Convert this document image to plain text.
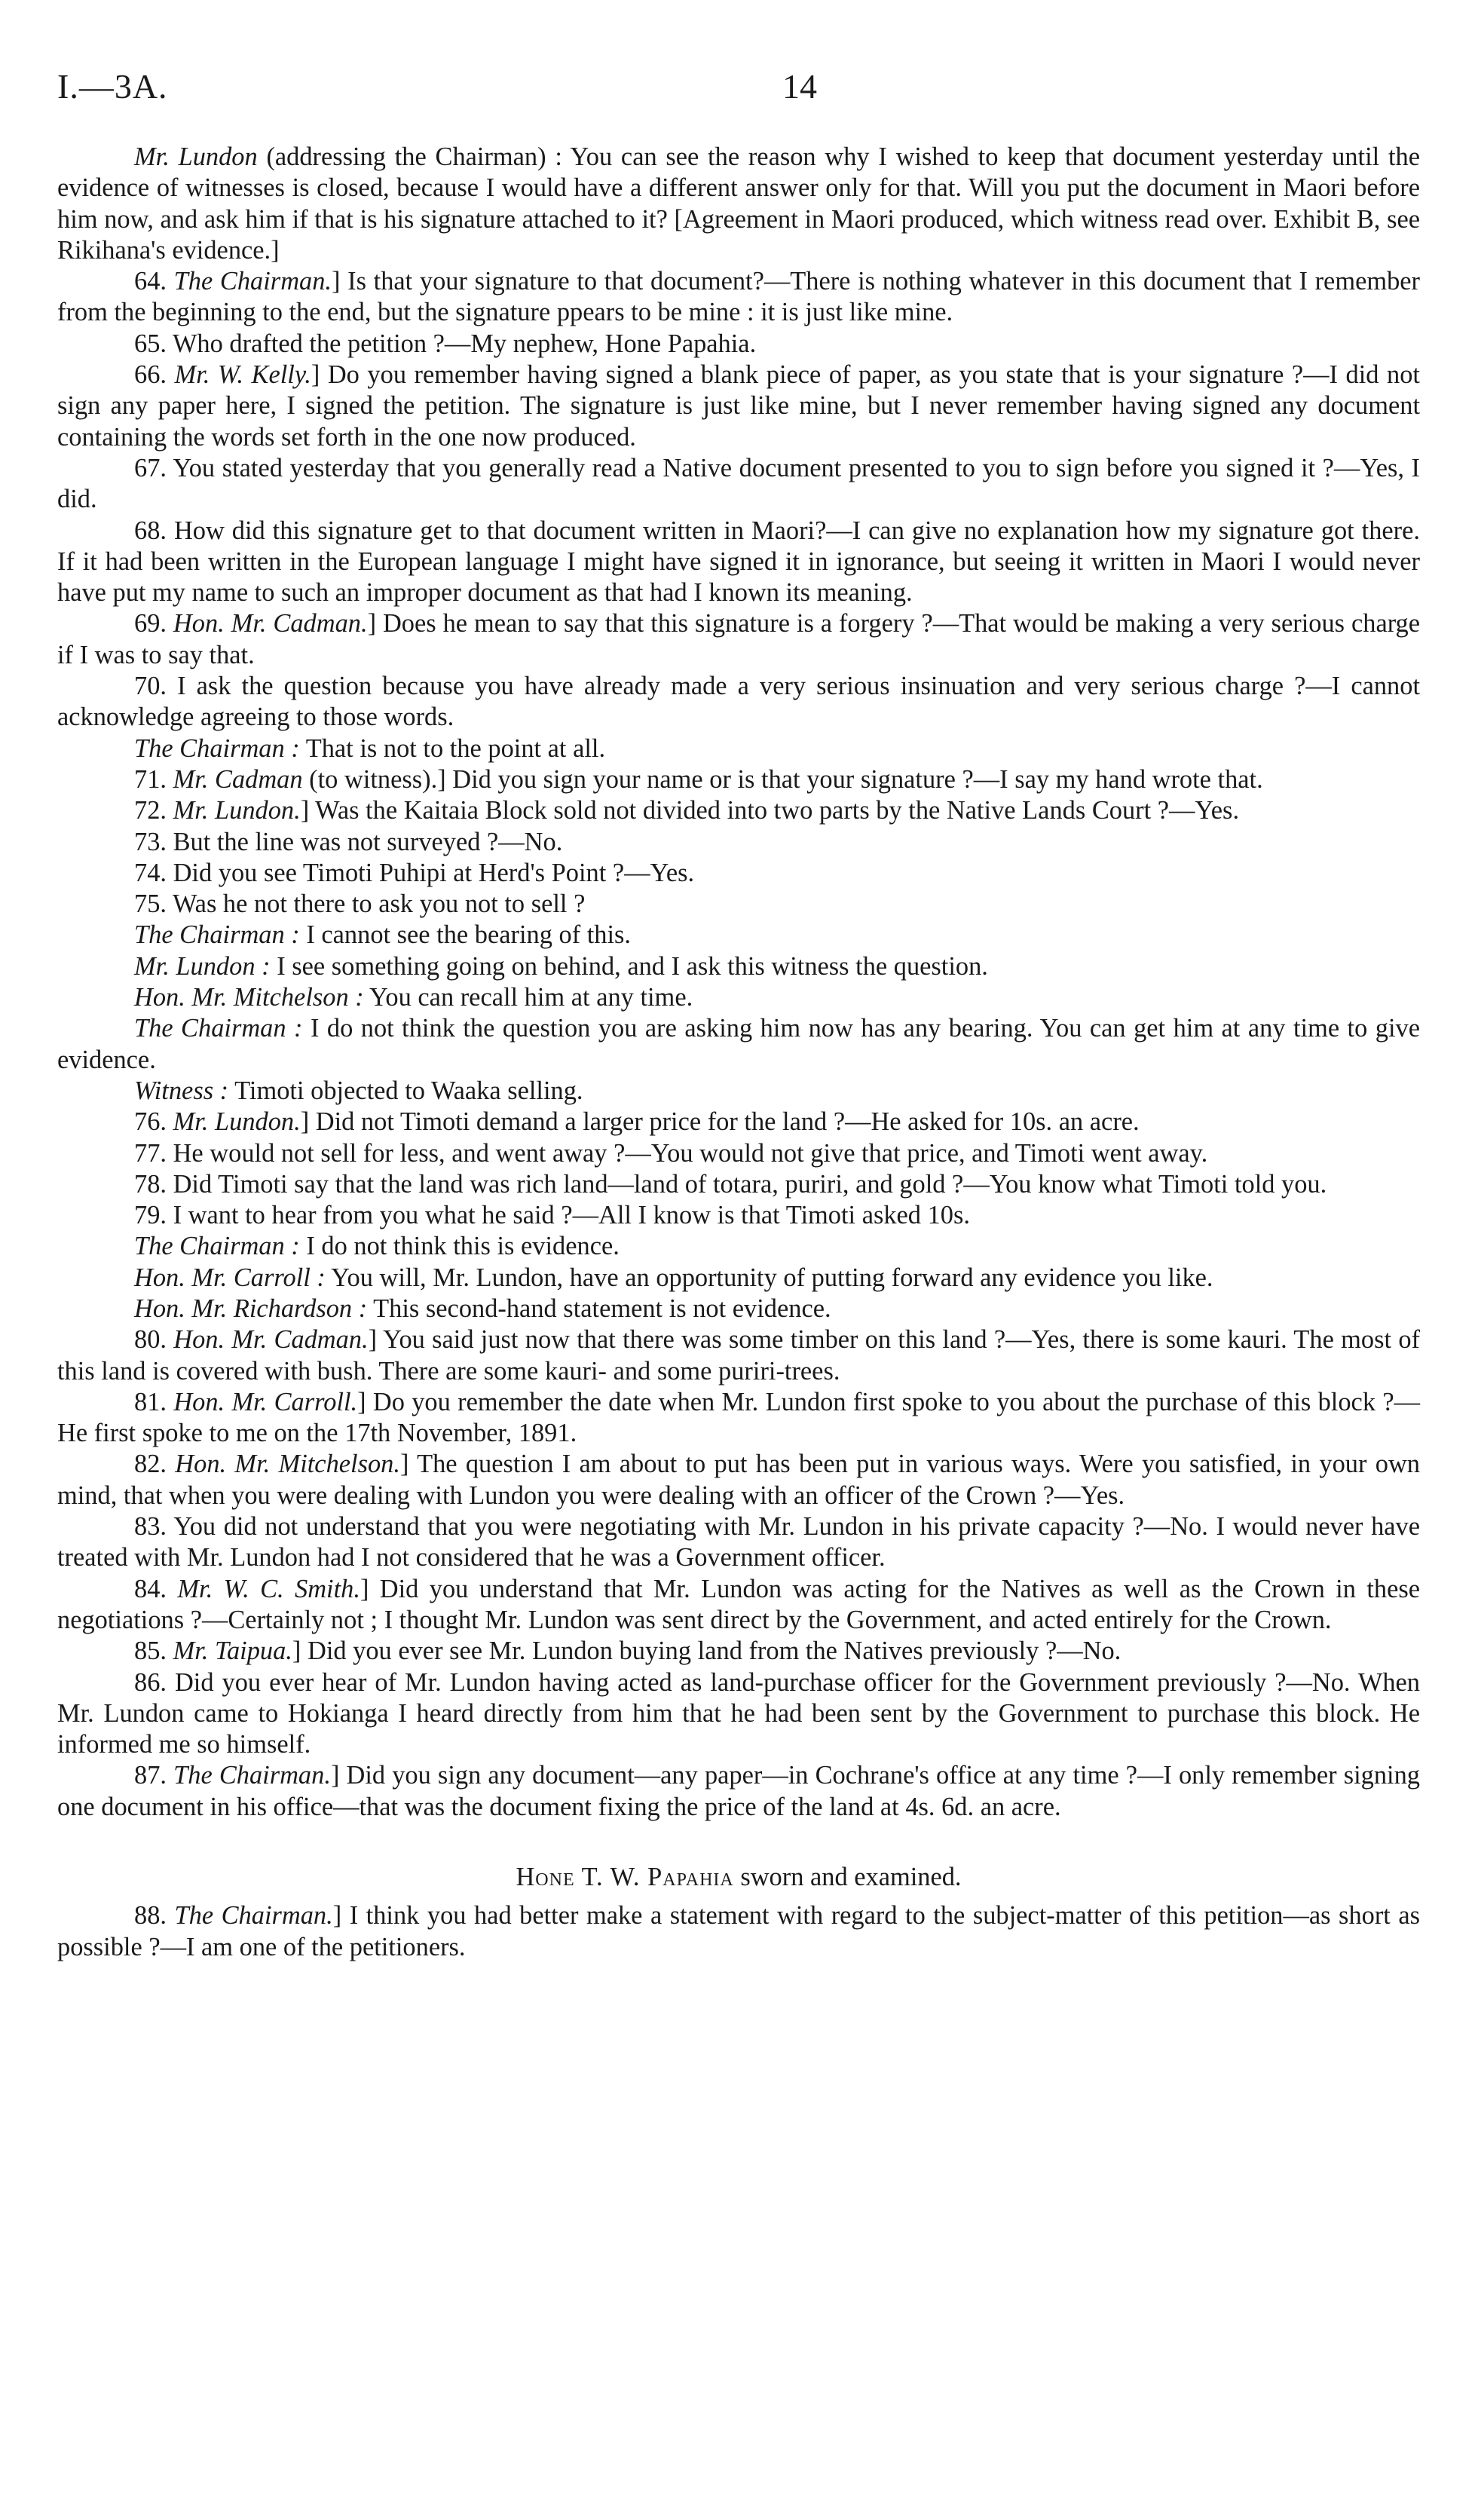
I.—3A.	14

Mr. Lundon (addressing the Chairman) : You can see the reason why I wished to keep that document yesterday until the evidence of witnesses is closed, because I would have a different answer only for that. Will you put the document in Maori before him now, and ask him if that is his signature attached to it? [Agreement in Maori produced, which witness read over. Exhibit B, see Rikihana's evidence.]

64. The Chairman.] Is that your signature to that document?—There is nothing whatever in this document that I remember from the beginning to the end, but the signature ppears to be mine : it is just like mine.

65. Who drafted the petition ?—My nephew, Hone Papahia.

66. Mr. W. Kelly.] Do you remember having signed a blank piece of paper, as you state that is your signature ?—I did not sign any paper here, I signed the petition. The signature is just like mine, but I never remember having signed any document containing the words set forth in the one now produced.

67. You stated yesterday that you generally read a Native document presented to you to sign before you signed it ?—Yes, I did.

68. How did this signature get to that document written in Maori?—I can give no explanation how my signature got there. If it had been written in the European language I might have signed it in ignorance, but seeing it written in Maori I would never have put my name to such an improper document as that had I known its meaning.

69. Hon. Mr. Cadman.] Does he mean to say that this signature is a forgery ?—That would be making a very serious charge if I was to say that.

70. I ask the question because you have already made a very serious insinuation and very serious charge ?—I cannot acknowledge agreeing to those words.

The Chairman : That is not to the point at all.

71. Mr. Cadman (to witness).] Did you sign your name or is that your signature ?—I say my hand wrote that.

72. Mr. Lundon.] Was the Kaitaia Block sold not divided into two parts by the Native Lands Court ?—Yes.

73. But the line was not surveyed ?—No.

74. Did you see Timoti Puhipi at Herd's Point ?—Yes.

75. Was he not there to ask you not to sell ?

The Chairman : I cannot see the bearing of this.

Mr. Lundon : I see something going on behind, and I ask this witness the question.

Hon. Mr. Mitchelson : You can recall him at any time.

The Chairman : I do not think the question you are asking him now has any bearing. You can get him at any time to give evidence.

Witness : Timoti objected to Waaka selling.

76. Mr. Lundon.] Did not Timoti demand a larger price for the land ?—He asked for 10s. an acre.

77. He would not sell for less, and went away ?—You would not give that price, and Timoti went away.

78. Did Timoti say that the land was rich land—land of totara, puriri, and gold ?—You know what Timoti told you.

79. I want to hear from you what he said ?—All I know is that Timoti asked 10s.

The Chairman : I do not think this is evidence.

Hon. Mr. Carroll : You will, Mr. Lundon, have an opportunity of putting forward any evidence you like.

Hon. Mr. Richardson : This second-hand statement is not evidence.

80. Hon. Mr. Cadman.] You said just now that there was some timber on this land ?—Yes, there is some kauri. The most of this land is covered with bush. There are some kauri- and some puriri-trees.

81. Hon. Mr. Carroll.] Do you remember the date when Mr. Lundon first spoke to you about the purchase of this block ?—He first spoke to me on the 17th November, 1891.

82. Hon. Mr. Mitchelson.] The question I am about to put has been put in various ways. Were you satisfied, in your own mind, that when you were dealing with Lundon you were dealing with an officer of the Crown ?—Yes.

83. You did not understand that you were negotiating with Mr. Lundon in his private capacity ?—No. I would never have treated with Mr. Lundon had I not considered that he was a Government officer.

84. Mr. W. C. Smith.] Did you understand that Mr. Lundon was acting for the Natives as well as the Crown in these negotiations ?—Certainly not ; I thought Mr. Lundon was sent direct by the Government, and acted entirely for the Crown.

85. Mr. Taipua.] Did you ever see Mr. Lundon buying land from the Natives previously ?—No.

86. Did you ever hear of Mr. Lundon having acted as land-purchase officer for the Government previously ?—No. When Mr. Lundon came to Hokianga I heard directly from him that he had been sent by the Government to purchase this block. He informed me so himself.

87. The Chairman.] Did you sign any document—any paper—in Cochrane's office at any time ?—I only remember signing one document in his office—that was the document fixing the price of the land at 4s. 6d. an acre.

Hone T. W. Papahia sworn and examined.

88. The Chairman.] I think you had better make a statement with regard to the subject-matter of this petition—as short as possible ?—I am one of the petitioners.
